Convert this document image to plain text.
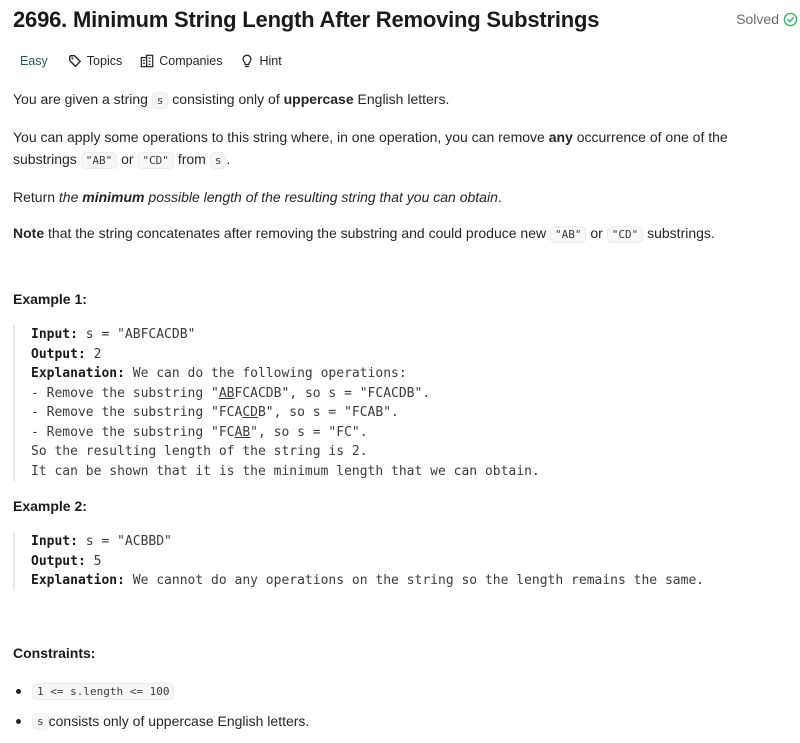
2696. Minimum String Length After Removing Substrings	Solved
Easy	Topics	Companies	Hint

You are given a string s consisting only of uppercase English letters.

You can apply some operations to this string where, in one operation, you can remove any occurrence of one of the substrings "AB" or "CD" from s .

Return the minimum possible length of the resulting string that you can obtain.

Note that the string concatenates after removing the substring and could produce new "AB" or "CD" substrings.

Example 1:
Input: s = "ABFCACDB"
Output: 2
Explanation: We can do the following operations:
- Remove the substring "ABFCACDB", so s = "FCACDB".
- Remove the substring "FCACDB", so s = "FCAB".
- Remove the substring "FCAB", so s = "FC".
So the resulting length of the string is 2.
It can be shown that it is the minimum length that we can obtain.
Example 2:
Input: s = "ACBBD"
Output: 5
Explanation: We cannot do any operations on the string so the length remains the same.
Constraints:
1 <= s.length <= 100
s consists only of uppercase English letters.
